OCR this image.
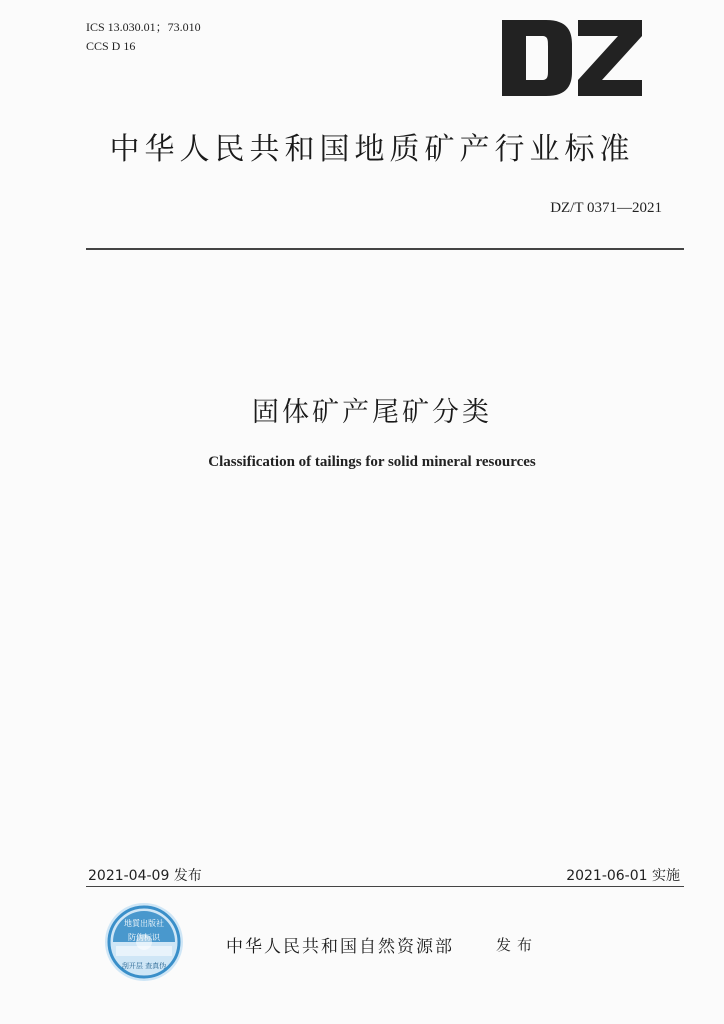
ICS 13.030.01；73.010
CCS D 16
中华人民共和国地质矿产行业标准
DZ/T 0371—2021
固体矿产尾矿分类
Classification of tailings for solid mineral resources
2021-04-09 发布	2021-06-01 实施
地質出版社
防伪标识
刮开层 查真伪
中华人民共和国自然资源部	发布
